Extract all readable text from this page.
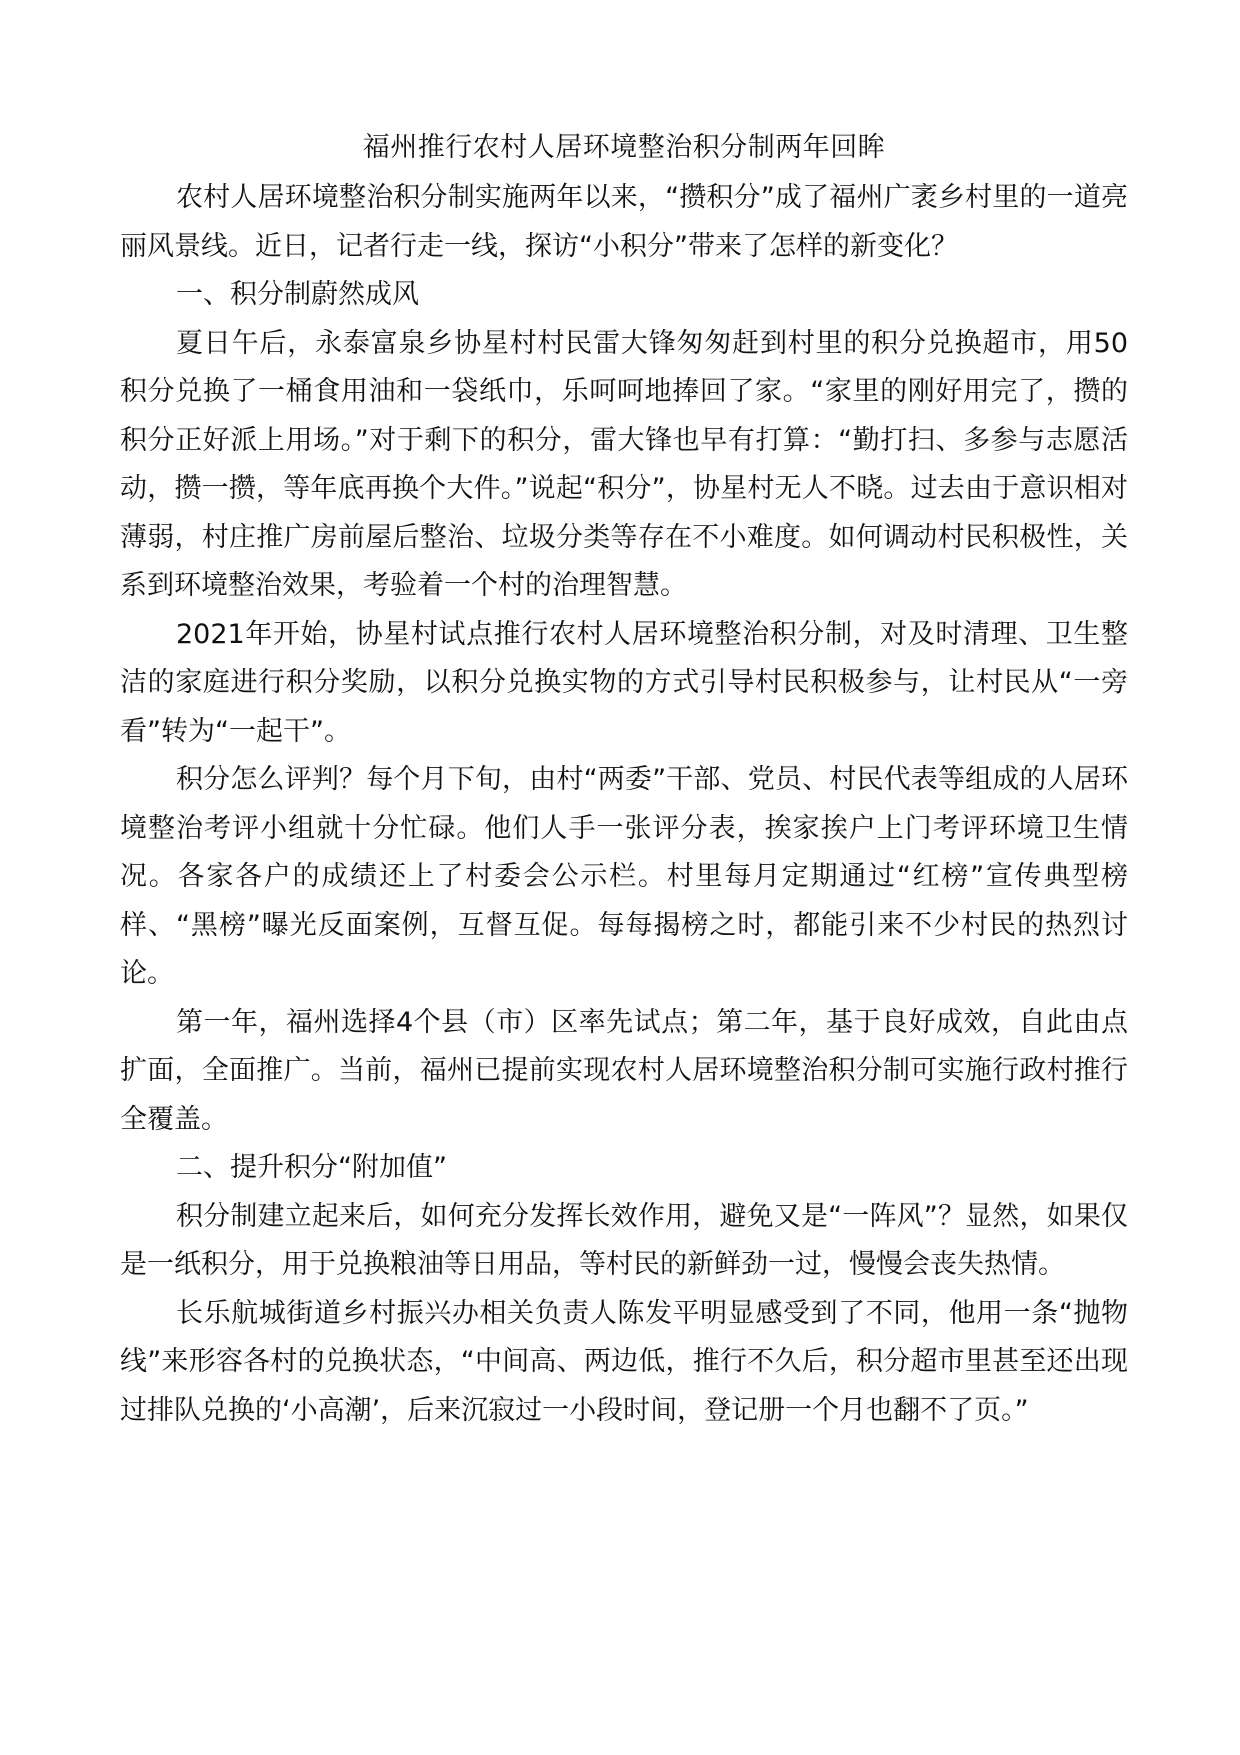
福州推行农村人居环境整治积分制两年回眸

农村人居环境整治积分制实施两年以来，“攒积分”成了福州广袤乡村里的一道亮丽风景线。近日，记者行走一线，探访“小积分”带来了怎样的新变化？

一、积分制蔚然成风

夏日午后，永泰富泉乡协星村村民雷大锋匆匆赶到村里的积分兑换超市，用50积分兑换了一桶食用油和一袋纸巾，乐呵呵地捧回了家。“家里的刚好用完了，攒的积分正好派上用场。”对于剩下的积分，雷大锋也早有打算：“勤打扫、多参与志愿活动，攒一攒，等年底再换个大件。”说起“积分”，协星村无人不晓。过去由于意识相对薄弱，村庄推广房前屋后整治、垃圾分类等存在不小难度。如何调动村民积极性，关系到环境整治效果，考验着一个村的治理智慧。

2021年开始，协星村试点推行农村人居环境整治积分制，对及时清理、卫生整洁的家庭进行积分奖励，以积分兑换实物的方式引导村民积极参与，让村民从“一旁看”转为“一起干”。

积分怎么评判？每个月下旬，由村“两委”干部、党员、村民代表等组成的人居环境整治考评小组就十分忙碌。他们人手一张评分表，挨家挨户上门考评环境卫生情况。各家各户的成绩还上了村委会公示栏。村里每月定期通过“红榜”宣传典型榜样、“黑榜”曝光反面案例，互督互促。每每揭榜之时，都能引来不少村民的热烈讨论。

第一年，福州选择4个县（市）区率先试点；第二年，基于良好成效，自此由点扩面，全面推广。当前，福州已提前实现农村人居环境整治积分制可实施行政村推行全覆盖。

二、提升积分“附加值”

积分制建立起来后，如何充分发挥长效作用，避免又是“一阵风”？显然，如果仅是一纸积分，用于兑换粮油等日用品，等村民的新鲜劲一过，慢慢会丧失热情。

长乐航城街道乡村振兴办相关负责人陈发平明显感受到了不同，他用一条“抛物线”来形容各村的兑换状态，“中间高、两边低，推行不久后，积分超市里甚至还出现过排队兑换的‘小高潮’，后来沉寂过一小段时间，登记册一个月也翻不了页。”
